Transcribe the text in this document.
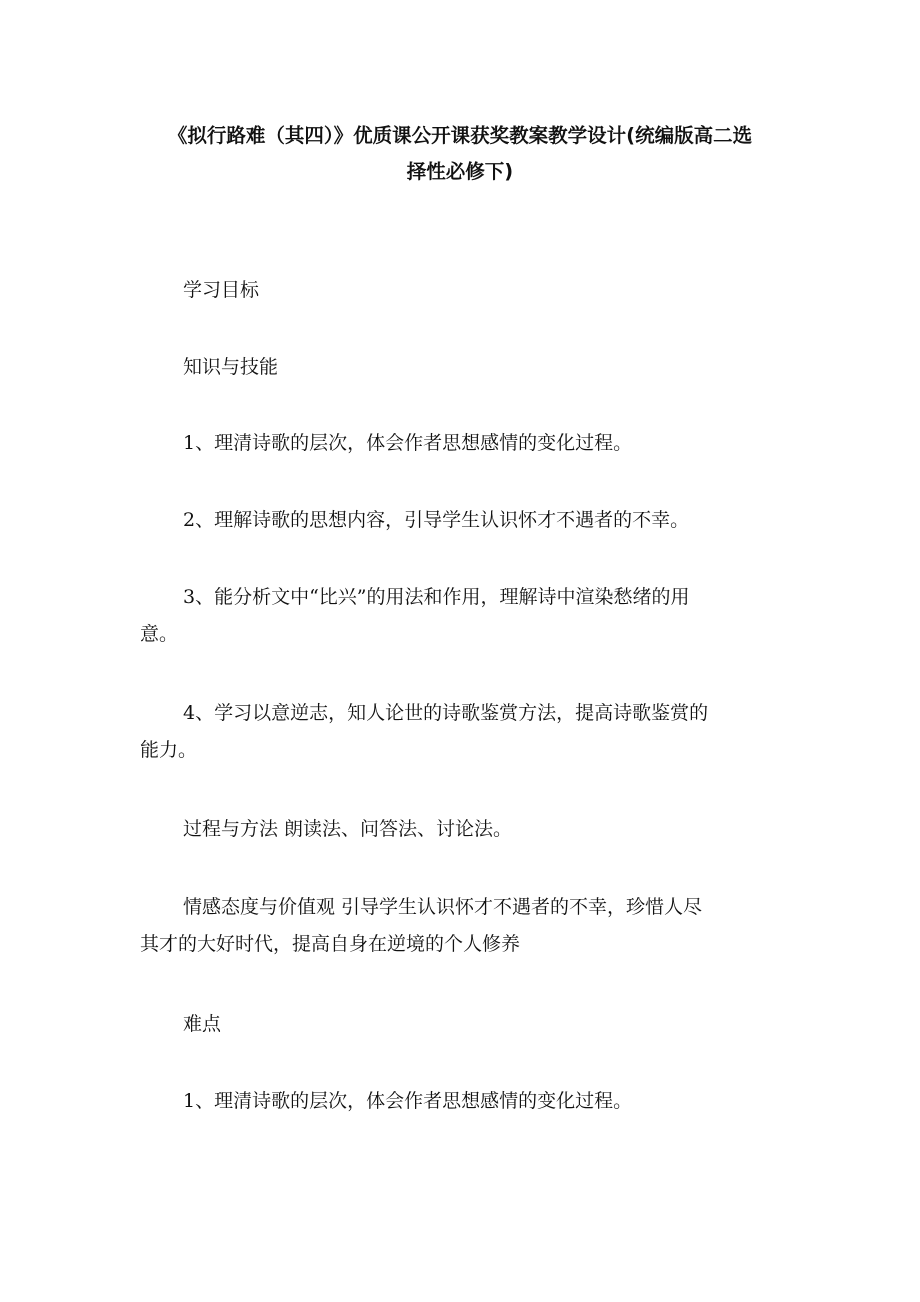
《拟行路难（其四）》优质课公开课获奖教案教学设计(统编版高二选
择性必修下)

学习目标

知识与技能

1、理清诗歌的层次，体会作者思想感情的变化过程。

2、理解诗歌的思想内容，引导学生认识怀才不遇者的不幸。

3、能分析文中“比兴”的用法和作用，理解诗中渲染愁绪的用
意。

4、学习以意逆志，知人论世的诗歌鉴赏方法，提高诗歌鉴赏的
能力。

过程与方法 朗读法、问答法、讨论法。

情感态度与价值观 引导学生认识怀才不遇者的不幸，珍惜人尽
其才的大好时代，提高自身在逆境的个人修养

难点

1、理清诗歌的层次，体会作者思想感情的变化过程。
